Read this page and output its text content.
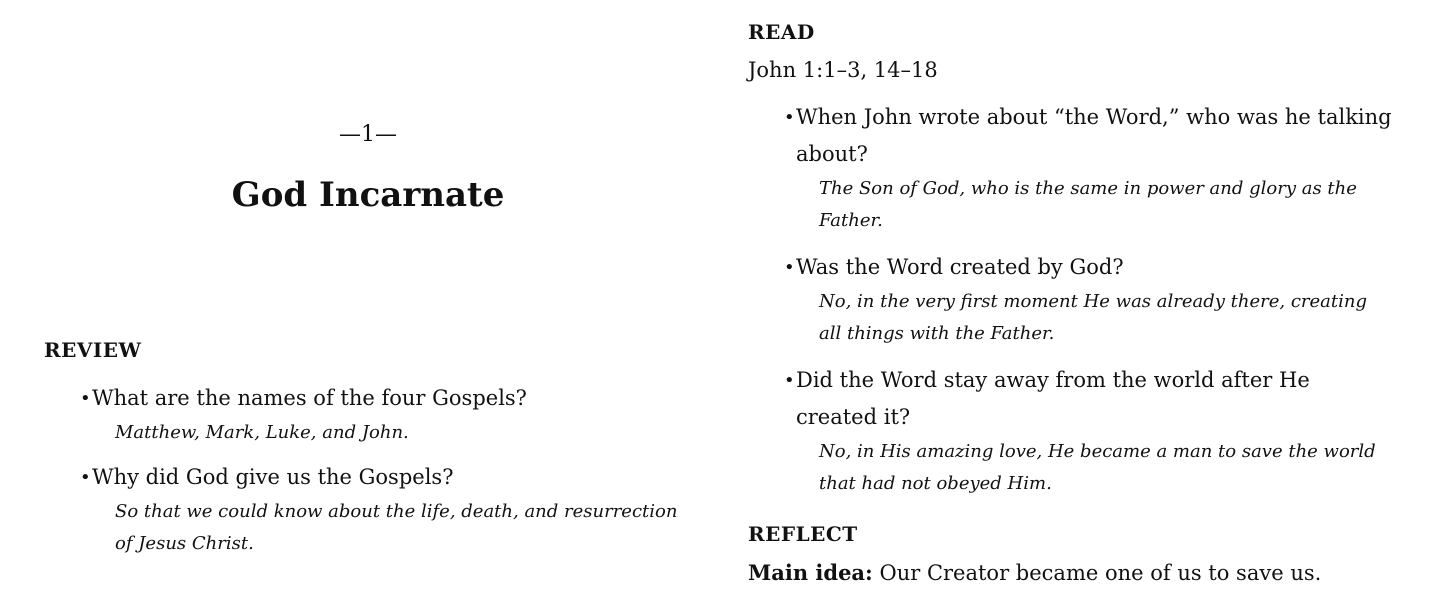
—1—
God Incarnate
REVIEW
• What are the names of the four Gospels?
Matthew, Mark, Luke, and John.
• Why did God give us the Gospels?
So that we could know about the life, death, and resurrection of Jesus Christ.
READ
John 1:1–3, 14–18
• When John wrote about “the Word,” who was he talking about?
The Son of God, who is the same in power and glory as the Father.
• Was the Word created by God?
No, in the very first moment He was already there, creating all things with the Father.
• Did the Word stay away from the world after He created it?
No, in His amazing love, He became a man to save the world that had not obeyed Him.
REFLECT
Main idea: Our Creator became one of us to save us.
